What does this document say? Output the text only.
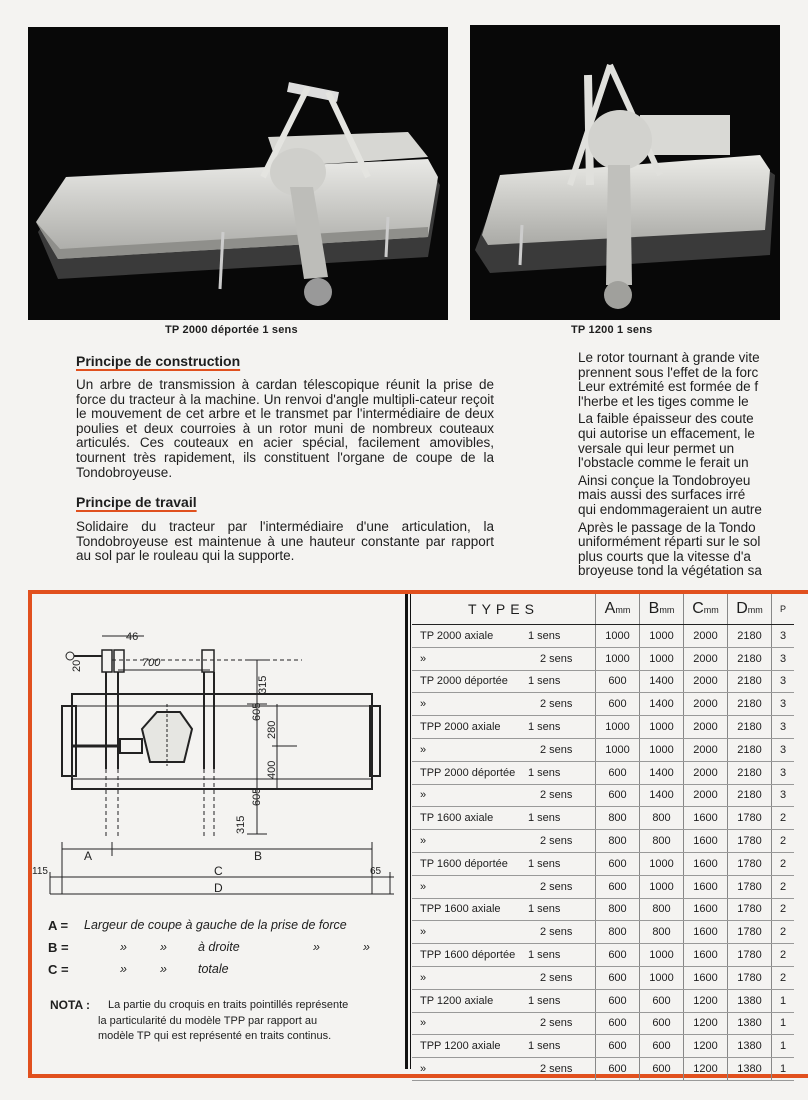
TP 2000 déportée 1 sens	TP 1200 1 sens
Principe de construction
Un arbre de transmission à cardan télescopique réunit la prise de force du tracteur à la machine. Un renvoi d'angle multipli-cateur reçoit le mouvement de cet arbre et le transmet par l'intermédiaire de deux poulies et deux courroies à un rotor muni de nombreux couteaux articulés. Ces couteaux en acier spécial, facilement amovibles, tournent très rapidement, ils constituent l'organe de coupe de la Tondobroyeuse.
Principe de travail
Solidaire du tracteur par l'intermédiaire d'une articulation, la Tondobroyeuse est maintenue à une hauteur constante par rapport au sol par le rouleau qui la supporte.
Le rotor tournant à grande vite
prennent sous l'effet de la forc
Leur extrémité est formée de f
l'herbe et les tiges comme le
La faible épaisseur des coute
qui autorise un effacement, le
versale qui leur permet un
l'obstacle comme le ferait un
Ainsi conçue la Tondobroyeu
mais aussi des surfaces irré
qui endommageraient un autre
Après le passage de la Tondo
uniformément réparti sur le sol
plus courts que la vitesse d'a
broyeuse tond la végétation sa
46
20	700
315
605
280
400
605
315
A	B
115	C	65
D
A = Largeur de coupe à gauche de la prise de force
B =	»	» à droite	»	»
C =	»	» totale
NOTA :	La partie du croquis en traits pointillés représente
la particularité du modèle TPP par rapport au
modèle TP qui est représenté en traits continus.
TYPES		Amm	Bmm	Cmm	Dmm	P
TP 2000 axiale	1 sens	1000	1000	2000	2180	3
»	2 sens	1000	1000	2000	2180	3
TP 2000 déportée	1 sens	600	1400	2000	2180	3
»	2 sens	600	1400	2000	2180	3
TPP 2000 axiale	1 sens	1000	1000	2000	2180	3
»	2 sens	1000	1000	2000	2180	3
TPP 2000 déportée	1 sens	600	1400	2000	2180	3
»	2 sens	600	1400	2000	2180	3
TP 1600 axiale	1 sens	800	800	1600	1780	2
»	2 sens	800	800	1600	1780	2
TP 1600 déportée	1 sens	600	1000	1600	1780	2
»	2 sens	600	1000	1600	1780	2
TPP 1600 axiale	1 sens	800	800	1600	1780	2
»	2 sens	800	800	1600	1780	2
TPP 1600 déportée	1 sens	600	1000	1600	1780	2
»	2 sens	600	1000	1600	1780	2
TP 1200 axiale	1 sens	600	600	1200	1380	1
»	2 sens	600	600	1200	1380	1
TPP 1200 axiale	1 sens	600	600	1200	1380	1
»	2 sens	600	600	1200	1380	1
